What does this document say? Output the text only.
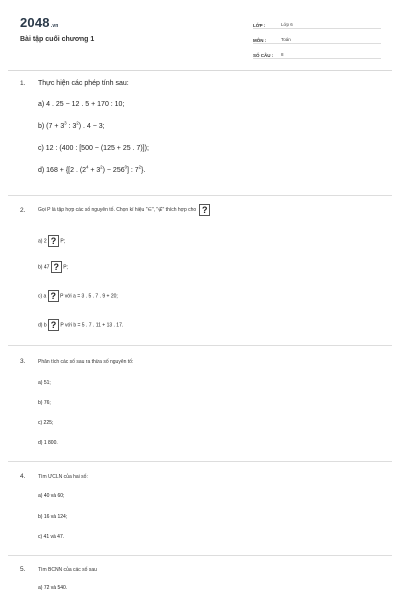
2048.vn
Bài tập cuối chương 1
LỚP :	Lớp 6
MÔN :	Toán
SỐ CÂU :	8
1.	Thực hiện các phép tính sau:
a) 4 . 25 − 12 . 5 + 170 : 10;
b) ($7 + 3^3$ : $3^2$) . 4 − 3;
c) 12 : (400 : [500 − (125 + 25 . 7)]);
d) 168 + {[2 . $(2^4 + 3^2) - 256^0$] : $7^2$}.
2.	Gọi P là tập hợp các số nguyên tố. Chọn kí hiệu "∈", "∉" thích hợp cho ?
a) 2 ? P;
b) 47 ? P;
c) a ? P với a = 3 . 5 . 7 . 9 + 20;
d) b ? P với b = 5 . 7 . 11 + 13 . 17.
3.	Phân tích các số sau ra thừa số nguyên tố:
a) 51;
b) 76;
c) 225;
d) 1 800.
4.	Tìm ƯCLN của hai số:
a) 40 và 60;
b) 16 và 124;
c) 41 và 47.
5.	Tìm BCNN của các số sau
a) 72 và 540.
